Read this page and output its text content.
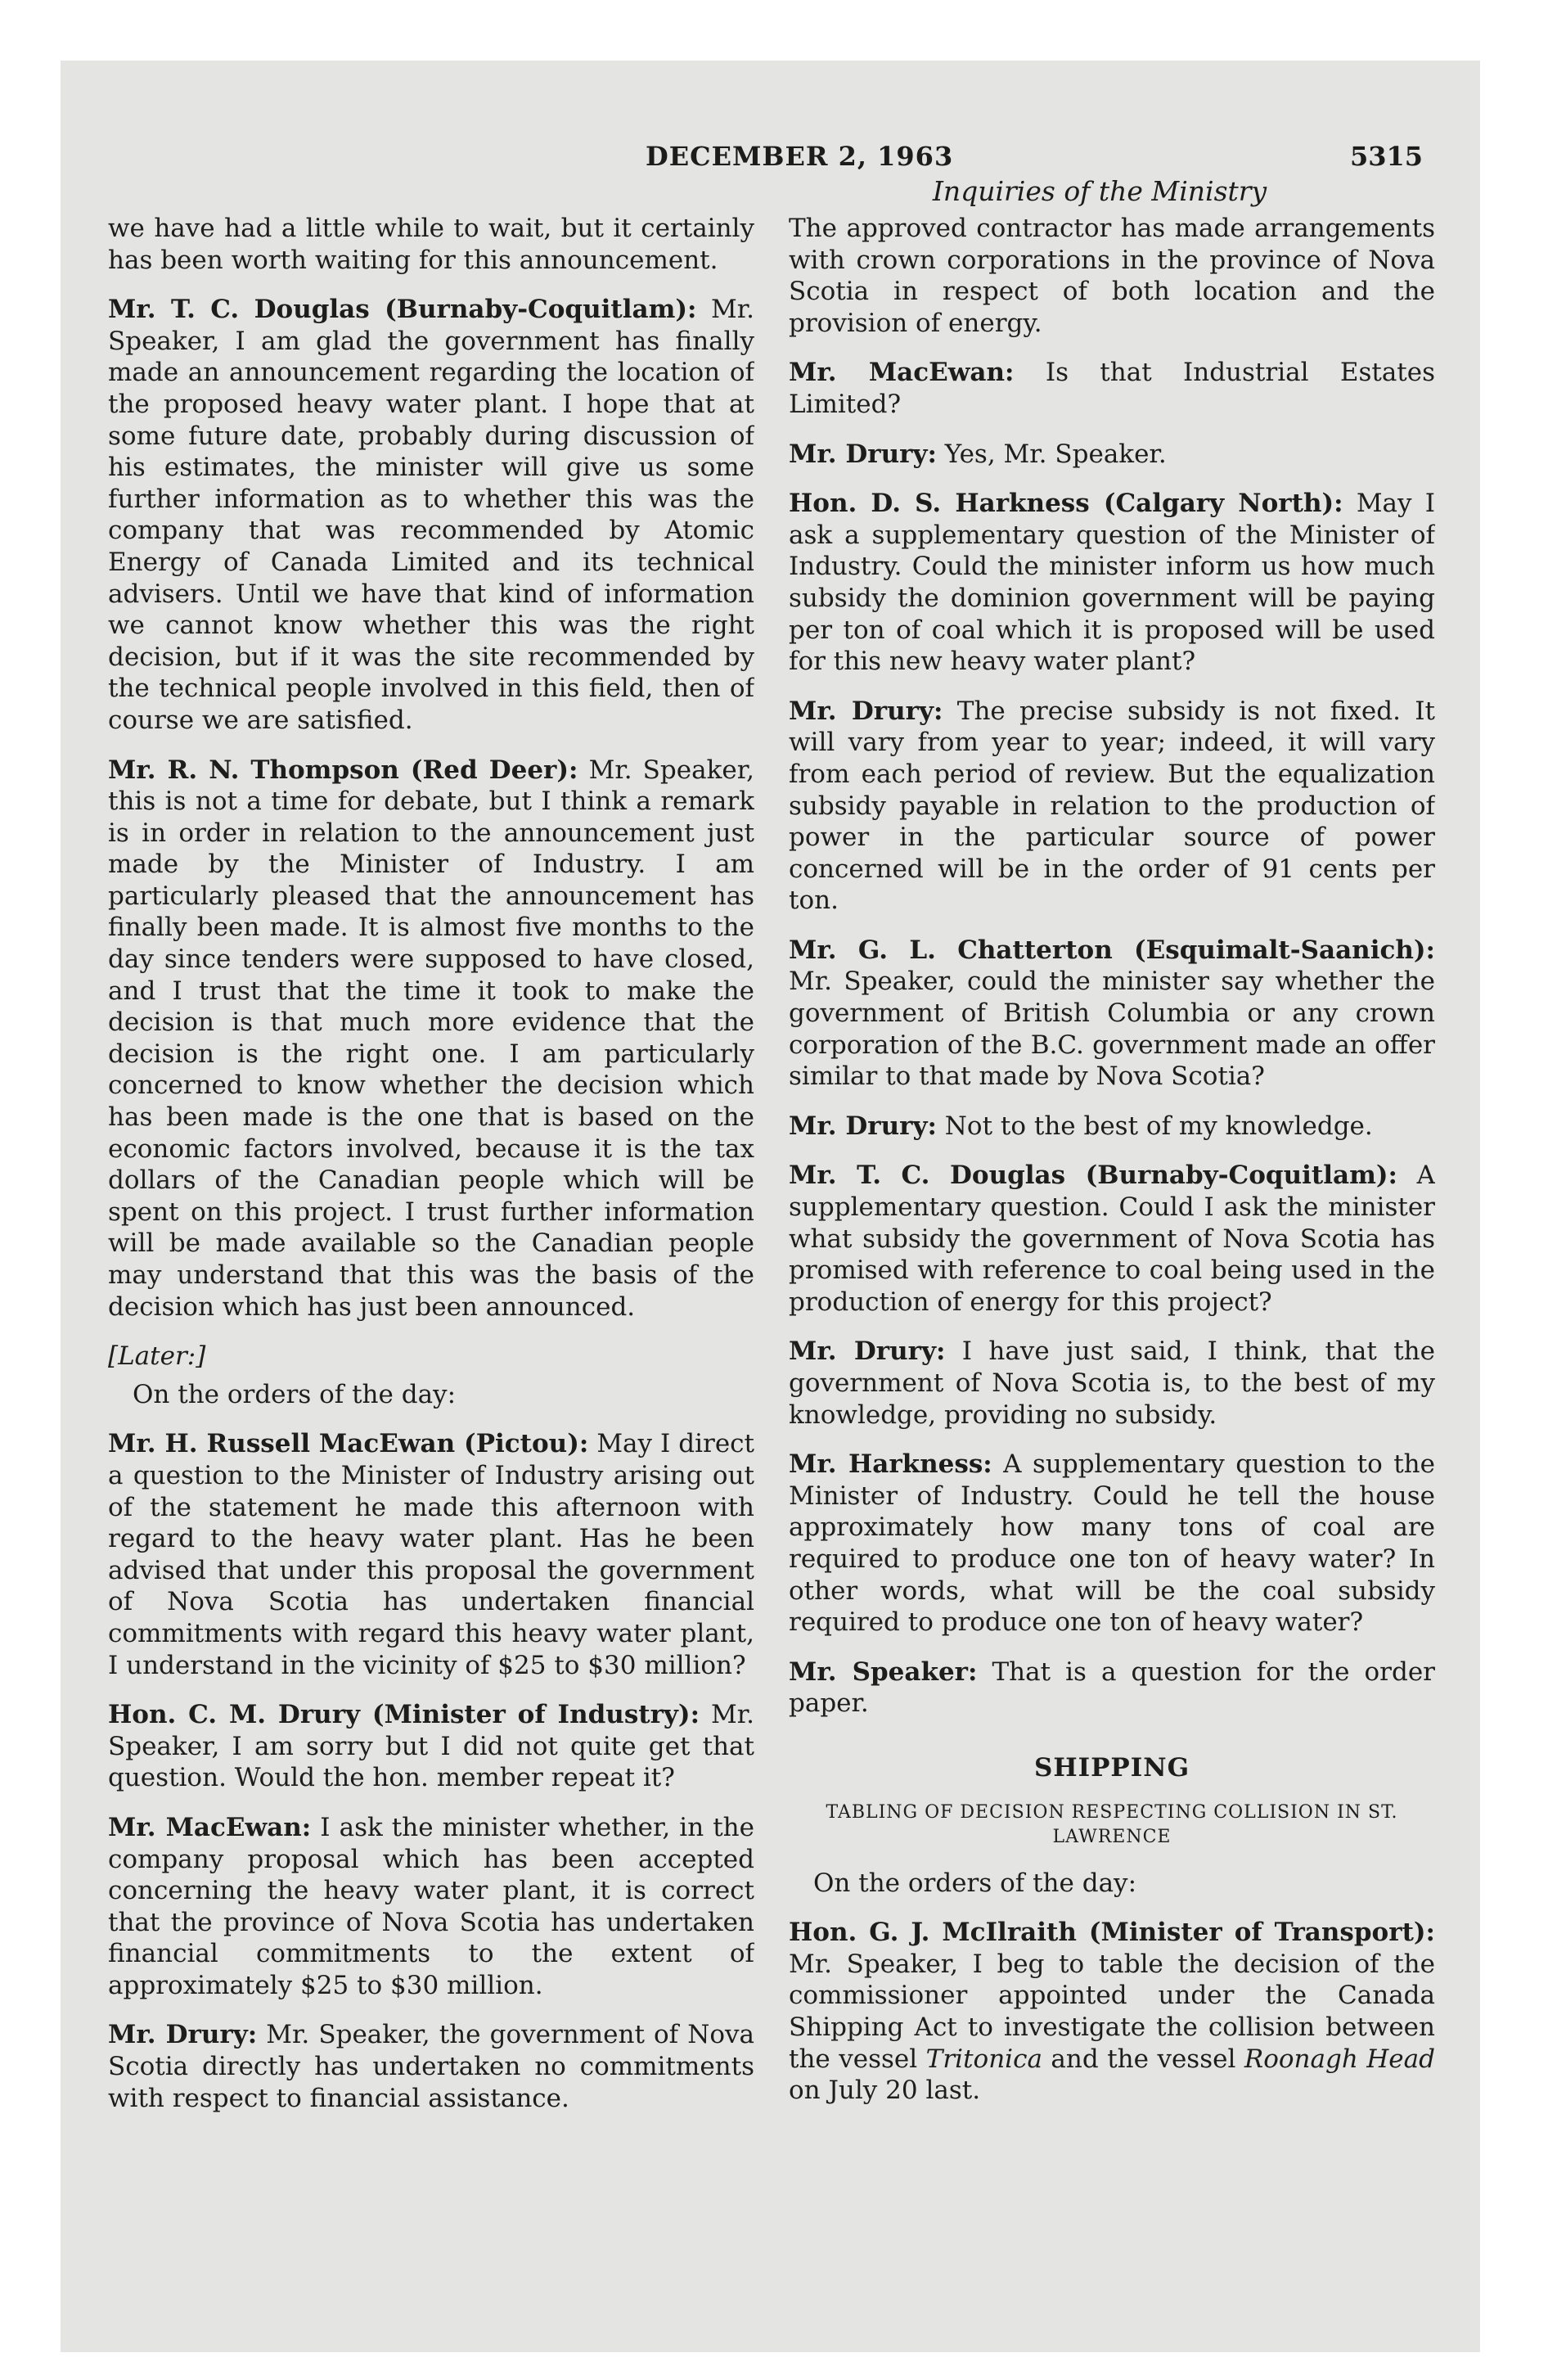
DECEMBER 2, 1963	5315
Inquiries of the Ministry

we have had a little while to wait, but it certainly has been worth waiting for this announcement.

Mr. T. C. Douglas (Burnaby-Coquitlam): Mr. Speaker, I am glad the government has finally made an announcement regarding the location of the proposed heavy water plant. I hope that at some future date, probably during discussion of his estimates, the minister will give us some further information as to whether this was the company that was recommended by Atomic Energy of Canada Limited and its technical advisers. Until we have that kind of information we cannot know whether this was the right decision, but if it was the site recommended by the technical people involved in this field, then of course we are satisfied.

Mr. R. N. Thompson (Red Deer): Mr. Speaker, this is not a time for debate, but I think a remark is in order in relation to the announcement just made by the Minister of Industry. I am particularly pleased that the announcement has finally been made. It is almost five months to the day since tenders were supposed to have closed, and I trust that the time it took to make the decision is that much more evidence that the decision is the right one. I am particularly concerned to know whether the decision which has been made is the one that is based on the economic factors involved, because it is the tax dollars of the Canadian people which will be spent on this project. I trust further information will be made available so the Canadian people may understand that this was the basis of the decision which has just been announced.

[Later:]

On the orders of the day:

Mr. H. Russell MacEwan (Pictou): May I direct a question to the Minister of Industry arising out of the statement he made this afternoon with regard to the heavy water plant. Has he been advised that under this proposal the government of Nova Scotia has undertaken financial commitments with regard this heavy water plant, I understand in the vicinity of $25 to $30 million?

Hon. C. M. Drury (Minister of Industry): Mr. Speaker, I am sorry but I did not quite get that question. Would the hon. member repeat it?

Mr. MacEwan: I ask the minister whether, in the company proposal which has been accepted concerning the heavy water plant, it is correct that the province of Nova Scotia has undertaken financial commitments to the extent of approximately $25 to $30 million.

Mr. Drury: Mr. Speaker, the government of Nova Scotia directly has undertaken no commitments with respect to financial assistance.

The approved contractor has made arrangements with crown corporations in the province of Nova Scotia in respect of both location and the provision of energy.

Mr. MacEwan: Is that Industrial Estates Limited?

Mr. Drury: Yes, Mr. Speaker.

Hon. D. S. Harkness (Calgary North): May I ask a supplementary question of the Minister of Industry. Could the minister inform us how much subsidy the dominion government will be paying per ton of coal which it is proposed will be used for this new heavy water plant?

Mr. Drury: The precise subsidy is not fixed. It will vary from year to year; indeed, it will vary from each period of review. But the equalization subsidy payable in relation to the production of power in the particular source of power concerned will be in the order of 91 cents per ton.

Mr. G. L. Chatterton (Esquimalt-Saanich): Mr. Speaker, could the minister say whether the government of British Columbia or any crown corporation of the B.C. government made an offer similar to that made by Nova Scotia?

Mr. Drury: Not to the best of my knowledge.

Mr. T. C. Douglas (Burnaby-Coquitlam): A supplementary question. Could I ask the minister what subsidy the government of Nova Scotia has promised with reference to coal being used in the production of energy for this project?

Mr. Drury: I have just said, I think, that the government of Nova Scotia is, to the best of my knowledge, providing no subsidy.

Mr. Harkness: A supplementary question to the Minister of Industry. Could he tell the house approximately how many tons of coal are required to produce one ton of heavy water? In other words, what will be the coal subsidy required to produce one ton of heavy water?

Mr. Speaker: That is a question for the order paper.

SHIPPING

TABLING OF DECISION RESPECTING COLLISION IN ST. LAWRENCE

On the orders of the day:

Hon. G. J. McIlraith (Minister of Transport): Mr. Speaker, I beg to table the decision of the commissioner appointed under the Canada Shipping Act to investigate the collision between the vessel Tritonica and the vessel Roonagh Head on July 20 last.
